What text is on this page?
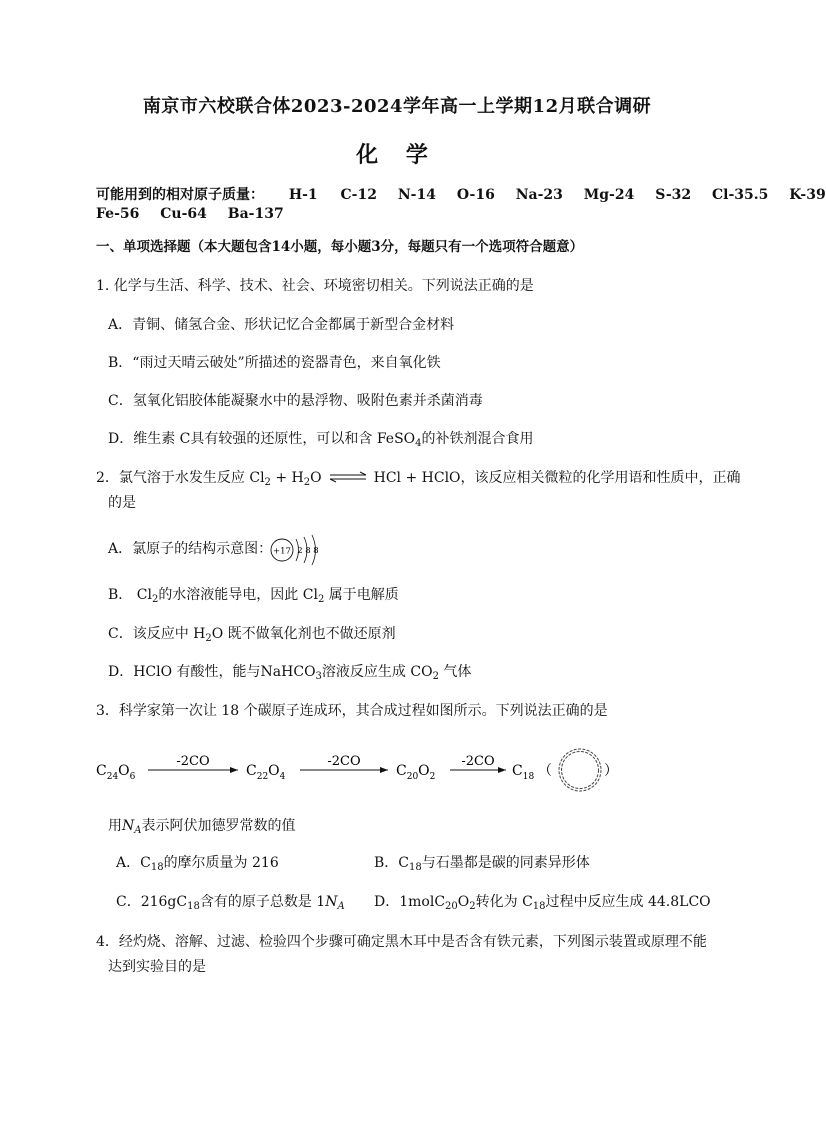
南京市六校联合体2023-2024学年高一上学期12月联合调研
化 学
可能用到的相对原子质量： H-1 C-12 N-14 O-16 Na-23 Mg-24 S-32 Cl-35.5 K-39
Fe-56 Cu-64 Ba-137
一、单项选择题（本大题包含14小题，每小题3分，每题只有一个选项符合题意）
1. 化学与生活、科学、技术、社会、环境密切相关。下列说法正确的是
A．青铜、储氢合金、形状记忆合金都属于新型合金材料
B．“雨过天晴云破处”所描述的瓷器青色，来自氧化铁
C．氢氧化铝胶体能凝聚水中的悬浮物、吸附色素并杀菌消毒
D．维生素 C具有较强的还原性，可以和含 FeSO$_4$的补铁剂混合食用
2．氯气溶于水发生反应 $Cl_2$ + $H_2O\rightleftharpoons HCl$ + HClO，该反应相关微粒的化学用语和性质中，正确
的是
A．氯原子的结构示意图： +17 2 8 8
B． $Cl_2$的水溶液能导电，因此 $Cl_2$ 属于电解质
C．该反应中 $H_2O$ 既不做氧化剂也不做还原剂
D．HClO 有酸性，能与NaHCO$_3$溶液反应生成 $CO_2$ 气体
3．科学家第一次让 18 个碳原子连成环，其合成过程如图所示。下列说法正确的是
$C_{24}O_6$
-2CO
$C_{22}O_4$
-2CO
$C_{20}O_2$
-2CO
$C_{18}$ （	）
用$N_A$表示阿伏加德罗常数的值
A．$C_{18}$的摩尔质量为 216	B．$C_{18}$与石墨都是碳的同素异形体
C．$216gC_{18}$含有的原子总数是 $1N_A$ D．$1molC_{20}O_2$转化为 $C_{18}$过程中反应生成 44.8LCO
4．经灼烧、溶解、过滤、检验四个步骤可确定黑木耳中是否含有铁元素，下列图示装置或原理不能
达到实验目的是
